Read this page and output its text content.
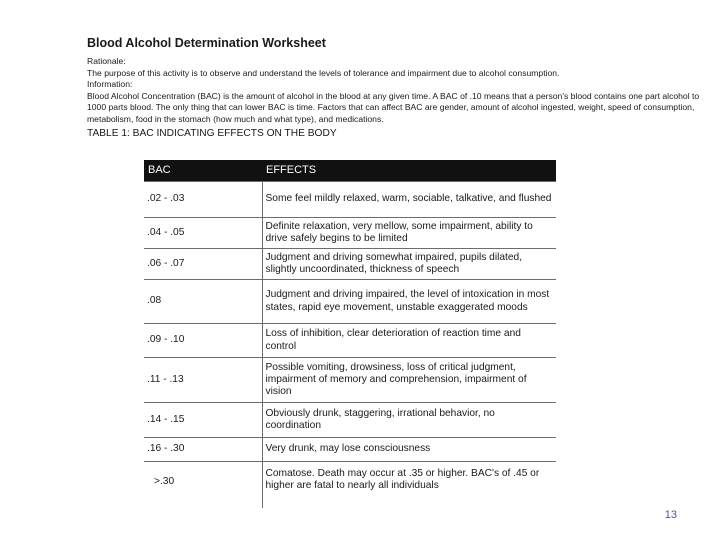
Blood Alcohol Determination Worksheet

Rationale:

The purpose of this activity is to observe and understand the levels of tolerance and impairment due to alcohol consumption.

Information:

Blood Alcohol Concentration (BAC) is the amount of alcohol in the blood at any given time. A BAC of .10 means that a person's blood contains one part alcohol to 1000 parts blood. The only thing that can lower BAC is time. Factors that can affect BAC are gender, amount of alcohol ingested, weight, speed of consumption, metabolism, food in the stomach (how much and what type), and medications.

TABLE 1: BAC INDICATING EFFECTS ON THE BODY

BAC	EFFECTS
.02 - .03	Some feel mildly relaxed, warm, sociable, talkative, and flushed
.04 - .05	Definite relaxation, very mellow, some impairment, ability to drive safely begins to be limited
.06 - .07	Judgment and driving somewhat impaired, pupils dilated, slightly uncoordinated, thickness of speech
.08	Judgment and driving impaired, the level of intoxication in most states, rapid eye movement, unstable exaggerated moods
.09 - .10	Loss of inhibition, clear deterioration of reaction time and control
.11 - .13	Possible vomiting, drowsiness, loss of critical judgment, impairment of memory and comprehension, impairment of vision
.14 - .15	Obviously drunk, staggering, irrational behavior, no coordination
.16 - .30	Very drunk, may lose consciousness
>.30	Comatose. Death may occur at .35 or higher. BAC's of .45 or higher are fatal to nearly all individuals
13
